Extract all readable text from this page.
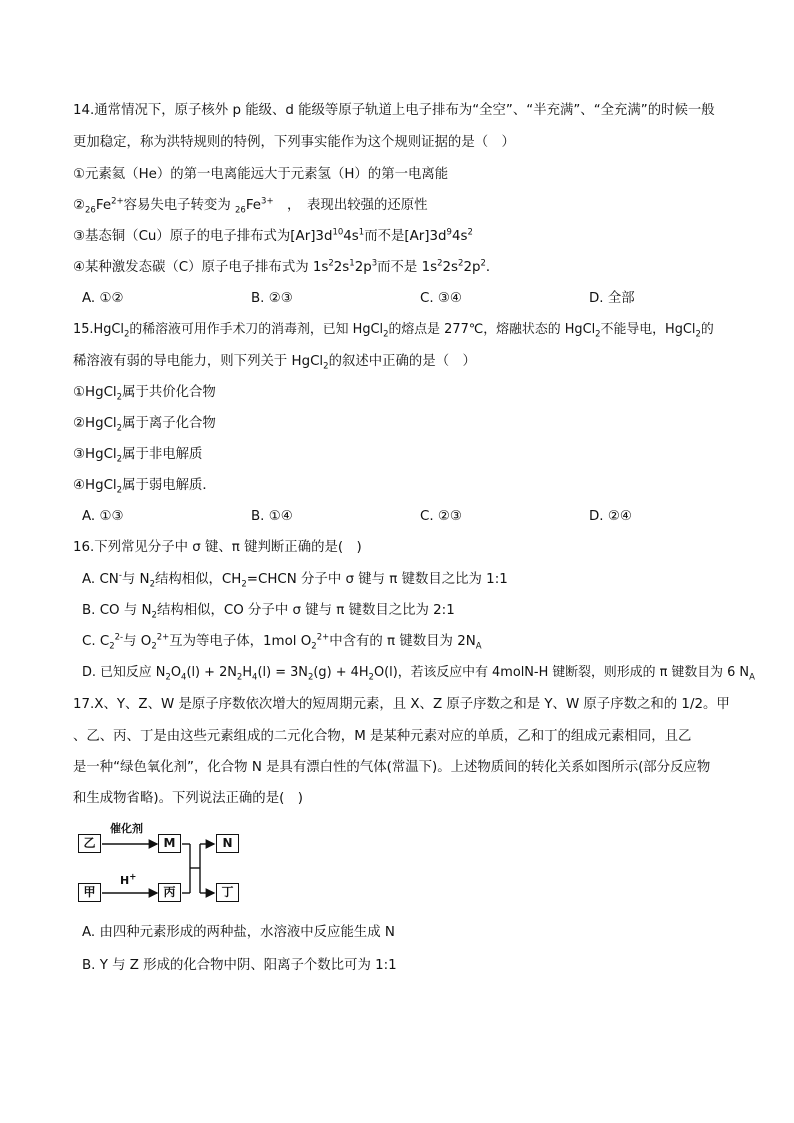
14.通常情况下，原子核外 p 能级、d 能级等原子轨道上电子排布为“全空”、“半充满”、“全充满”的时候一般
更加稳定，称为洪特规则的特例，下列事实能作为这个规则证据的是（　）
①元素氦（He）的第一电离能远大于元素氢（H）的第一电离能
$②_{26}Fe^{2+}$容易失电子转变为 $_{26}Fe^{3+}$　，　表现出较强的还原性
③基态铜（Cu）原子的电子排布式为$[Ar]3d^{10}4s^1$而不是$[Ar]3d^94s^2$
④某种激发态碳（C）原子电子排布式为 $1s^22s^12p^3$而不是 $1s^22s^22p^2$．
A. ①②	B. ②③	C. ③④	D. 全部
15.HgCl$_2$的稀溶液可用作手术刀的消毒剂，已知 HgCl$_2$的熔点是 277℃，熔融状态的 HgCl$_2$不能导电，HgCl$_2$的
稀溶液有弱的导电能力，则下列关于 HgCl$_2$的叙述中正确的是（　）
①HgCl$_2$属于共价化合物
②HgCl$_2$属于离子化合物
③HgCl$_2$属于非电解质
④HgCl$_2$属于弱电解质．
A. ①③	B. ①④	C. ②③	D. ②④
16.下列常见分子中 σ 键、π 键判断正确的是(　)
A. CN-与 $N_2$结构相似，$CH_2=CHCN$ 分子中 σ 键与 π 键数目之比为 1:1
B. CO 与 $N_2$结构相似，CO 分子中 σ 键与 π 键数目之比为 2:1
C. $C_2^{2-}$与 $O_2^{2+}$互为等电子体，1mol $O_2^{2+}$中含有的 π 键数目为 $2N_A$
D. 已知反应 $N_2O_4(l) + 2N_2H_4(l) = 3N_2(g) + 4H_2O(l)$，若该反应中有 4molN-H 键断裂，则形成的 π 键数目为 6 $N_A$
17.X、Y、Z、W 是原子序数依次增大的短周期元素，且 X、Z 原子序数之和是 Y、W 原子序数之和的 1/2。甲
、乙、丙、丁是由这些元素组成的二元化合物，M 是某种元素对应的单质，乙和丁的组成元素相同，且乙
是一种“绿色氧化剂”，化合物 N 是具有漂白性的气体(常温下)。上述物质间的转化关系如图所示(部分反应物
和生成物省略)。下列说法正确的是(　)
乙	M	N
甲	丙	丁
催化剂
H+
A. 由四种元素形成的两种盐，水溶液中反应能生成 N
B. Y 与 Z 形成的化合物中阴、阳离子个数比可为 1:1
